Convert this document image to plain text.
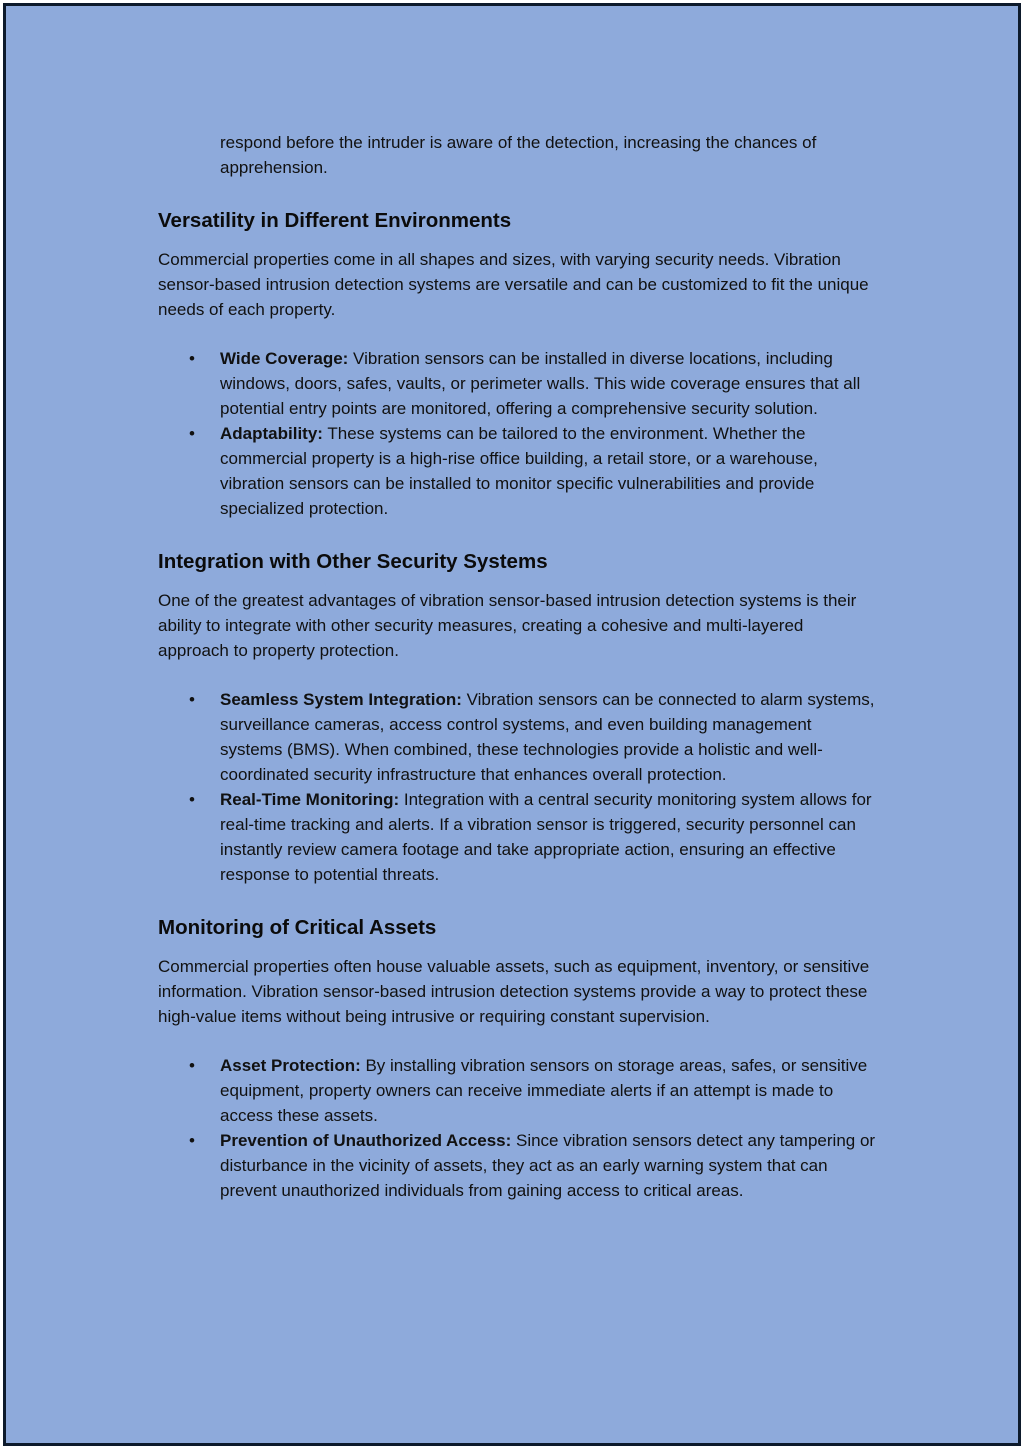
respond before the intruder is aware of the detection, increasing the chances of apprehension.

Versatility in Different Environments

Commercial properties come in all shapes and sizes, with varying security needs. Vibration sensor-based intrusion detection systems are versatile and can be customized to fit the unique needs of each property.

• Wide Coverage: Vibration sensors can be installed in diverse locations, including windows, doors, safes, vaults, or perimeter walls. This wide coverage ensures that all potential entry points are monitored, offering a comprehensive security solution.
• Adaptability: These systems can be tailored to the environment. Whether the commercial property is a high-rise office building, a retail store, or a warehouse, vibration sensors can be installed to monitor specific vulnerabilities and provide specialized protection.
Integration with Other Security Systems

One of the greatest advantages of vibration sensor-based intrusion detection systems is their ability to integrate with other security measures, creating a cohesive and multi-layered approach to property protection.

• Seamless System Integration: Vibration sensors can be connected to alarm systems, surveillance cameras, access control systems, and even building management systems (BMS). When combined, these technologies provide a holistic and well-coordinated security infrastructure that enhances overall protection.
• Real-Time Monitoring: Integration with a central security monitoring system allows for real-time tracking and alerts. If a vibration sensor is triggered, security personnel can instantly review camera footage and take appropriate action, ensuring an effective response to potential threats.
Monitoring of Critical Assets

Commercial properties often house valuable assets, such as equipment, inventory, or sensitive information. Vibration sensor-based intrusion detection systems provide a way to protect these high-value items without being intrusive or requiring constant supervision.

• Asset Protection: By installing vibration sensors on storage areas, safes, or sensitive equipment, property owners can receive immediate alerts if an attempt is made to access these assets.
• Prevention of Unauthorized Access: Since vibration sensors detect any tampering or disturbance in the vicinity of assets, they act as an early warning system that can prevent unauthorized individuals from gaining access to critical areas.
